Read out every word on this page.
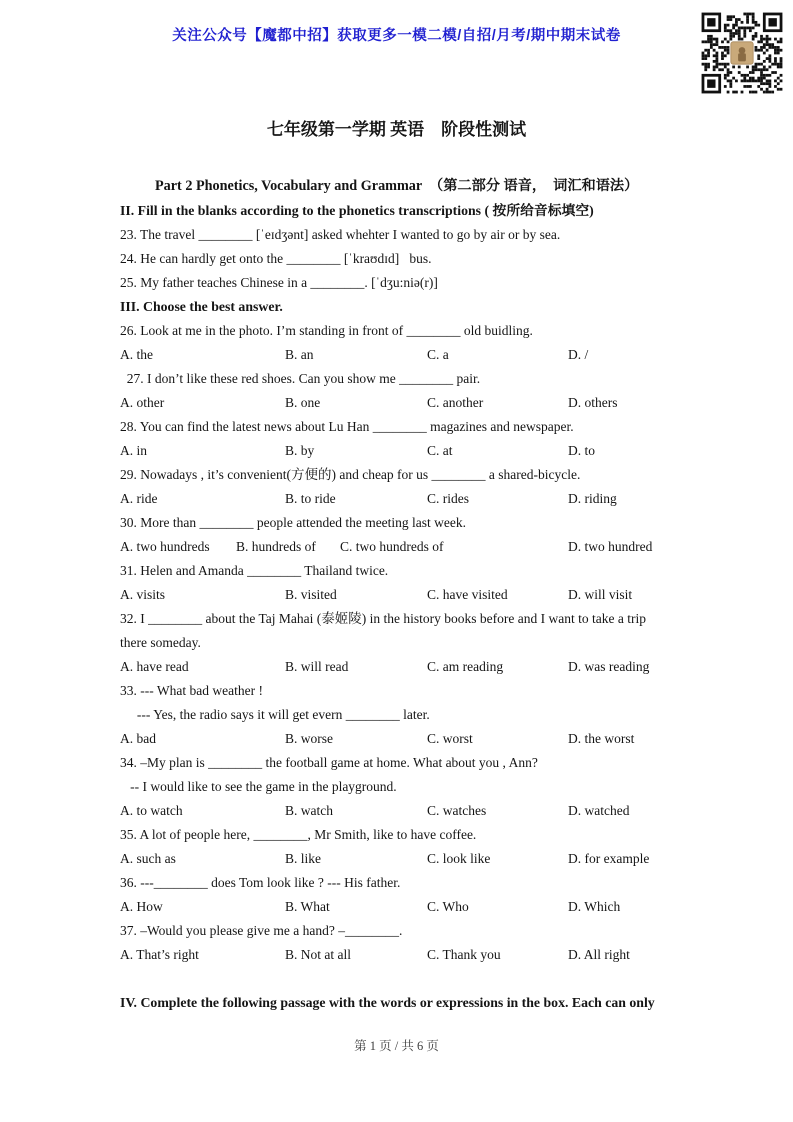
关注公众号【魔都中招】获取更多一模二模/自招/月考/期中期末试卷
七年级第一学期 英语　阶段性测试
Part 2 Phonetics, Vocabulary and Grammar　（第二部分 语音，　词汇和语法）
II. Fill in the blanks according to the phonetics transcriptions ( 按所给音标填空)
23. The travel ________ [ˈeɪdʒənt] asked whehter I wanted to go by air or by sea.
24. He can hardly get onto the ________ [ˈkraʊdɪd]   bus.
25. My father teaches Chinese in a ________. [ˈdʒu:niə(r)]
III. Choose the best answer.
26. Look at me in the photo. I’m standing in front of ________ old buidling.
A. the	B. an	C. a	D. /
27. I don’t like these red shoes. Can you show me ________ pair.
A. other	B. one	C. another	D. others
28. You can find the latest news about Lu Han ________ magazines and newspaper.
A. in	B. by	C. at	D. to
29. Nowadays , it’s convenient(方便的) and cheap for us ________ a shared-bicycle.
A. ride	B. to ride	C. rides	D. riding
30. More than ________ people attended the meeting last week.
A. two hundreds B. hundreds of C. two hundreds of	D. two hundred
31. Helen and Amanda ________ Thailand twice.
A. visits	B. visited	C. have visited	D. will visit
32. I ________ about the Taj Mahai (泰姬陵) in the history books before and I want to take a trip
there someday.
A. have read	B. will read	C. am reading	D. was reading
33. --- What bad weather !
--- Yes, the radio says it will get evern ________ later.
A. bad	B. worse	C. worst	D. the worst
34. –My plan is ________ the football game at home. What about you , Ann?
-- I would like to see the game in the playground.
A. to watch	B. watch	C. watches	D. watched
35. A lot of people here, ________, Mr Smith, like to have coffee.
A. such as	B. like	C. look like	D. for example
36. ---________ does Tom look like ? --- His father.
A. How	B. What	C. Who	D. Which
37. –Would you please give me a hand? –________.
A. That’s right	B. Not at all	C. Thank you	D. All right
IV. Complete the following passage with the words or expressions in the box. Each can only
第 1 页 / 共 6 页
